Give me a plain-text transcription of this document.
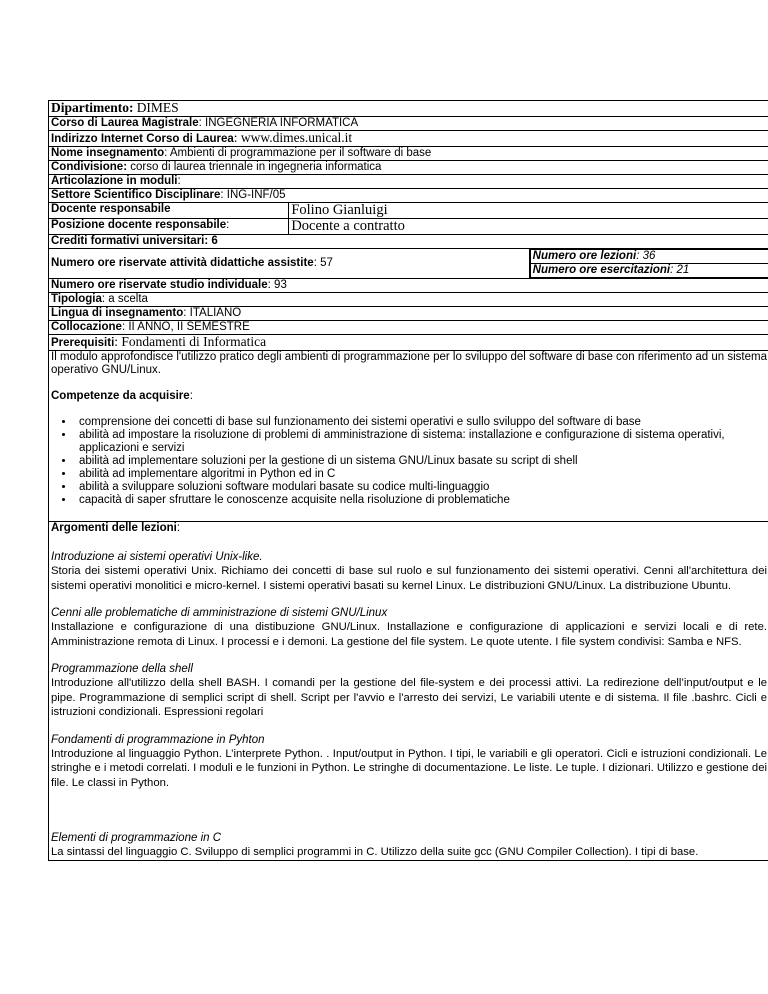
Dipartimento: DIMES
Corso di Laurea Magistrale: INGEGNERIA INFORMATICA
Indirizzo Internet Corso di Laurea: www.dimes.unical.it
Nome insegnamento: Ambienti di programmazione per il software di base
Condivisione: corso di laurea triennale in ingegneria informatica
Articolazione in moduli:
Settore Scientifico Disciplinare: ING-INF/05
Docente responsabile	Folino Gianluigi
Posizione docente responsabile:	Docente a contratto
Crediti formativi universitari: 6
Numero ore riservate attività didattiche assistite: 57	
Numero ore lezioni: 36
Numero ore esercitazioni: 21

Numero ore riservate studio individuale: 93
Tipologia: a scelta
Lingua di insegnamento: ITALIANO
Collocazione: II ANNO, II SEMESTRE
Prerequisiti: Fondamenti di Informatica

Il modulo approfondisce l'utilizzo pratico degli ambienti di programmazione per lo sviluppo del software di base con riferimento ad un sistema operativo GNU/Linux.
Competenze da acquisire:
• comprensione dei concetti di base sul funzionamento dei sistemi operativi e sullo sviluppo del software di base
• abilità ad impostare la risoluzione di problemi di amministrazione di sistema: installazione e configurazione di sistema operativi, applicazioni e servizi
• abilità ad implementare soluzioni per la gestione di un sistema GNU/Linux basate su script di shell
• abilità ad implementare algoritmi in Python ed in C
• abilità a sviluppare soluzioni software modulari basate su codice multi-linguaggio
• capacità di saper sfruttare le conoscenze acquisite nella risoluzione di problematiche

Argomenti delle lezioni:
Introduzione ai sistemi operativi Unix-like.
Storia dei sistemi operativi Unix. Richiamo dei concetti di base sul ruolo e sul funzionamento dei sistemi operativi. Cenni all'architettura dei sistemi operativi monolitici e micro-kernel. I sistemi operativi basati su kernel Linux. Le distribuzioni GNU/Linux. La distribuzione Ubuntu.
Cenni alle problematiche di amministrazione di sistemi GNU/Linux
Installazione e configurazione di una distibuzione GNU/Linux. Installazione e configurazione di applicazioni e servizi locali e di rete. Amministrazione remota di Linux. I processi e i demoni. La gestione del file system. Le quote utente. I file system condivisi: Samba e NFS.
Programmazione della shell
Introduzione all'utilizzo della shell BASH. I comandi per la gestione del file-system e dei processi attivi. La redirezione dell’input/output e le pipe. Programmazione di semplici script di shell. Script per l'avvio e l'arresto dei servizi, Le variabili utente e di sistema. Il file .bashrc. Cicli e istruzioni condizionali. Espressioni regolari
Fondamenti di programmazione in Pyhton
Introduzione al linguaggio Python. L’interprete Python. . Input/output in Python. I tipi, le variabili e gli operatori. Cicli e istruzioni condizionali. Le stringhe e i metodi correlati. I moduli e le funzioni in Python. Le stringhe di documentazione. Le liste. Le tuple. I dizionari. Utilizzo e gestione dei file. Le classi in Python.
Elementi di programmazione in C
La sintassi del linguaggio C. Sviluppo di semplici programmi in C. Utilizzo della suite gcc (GNU Compiler Collection). I tipi di base.
